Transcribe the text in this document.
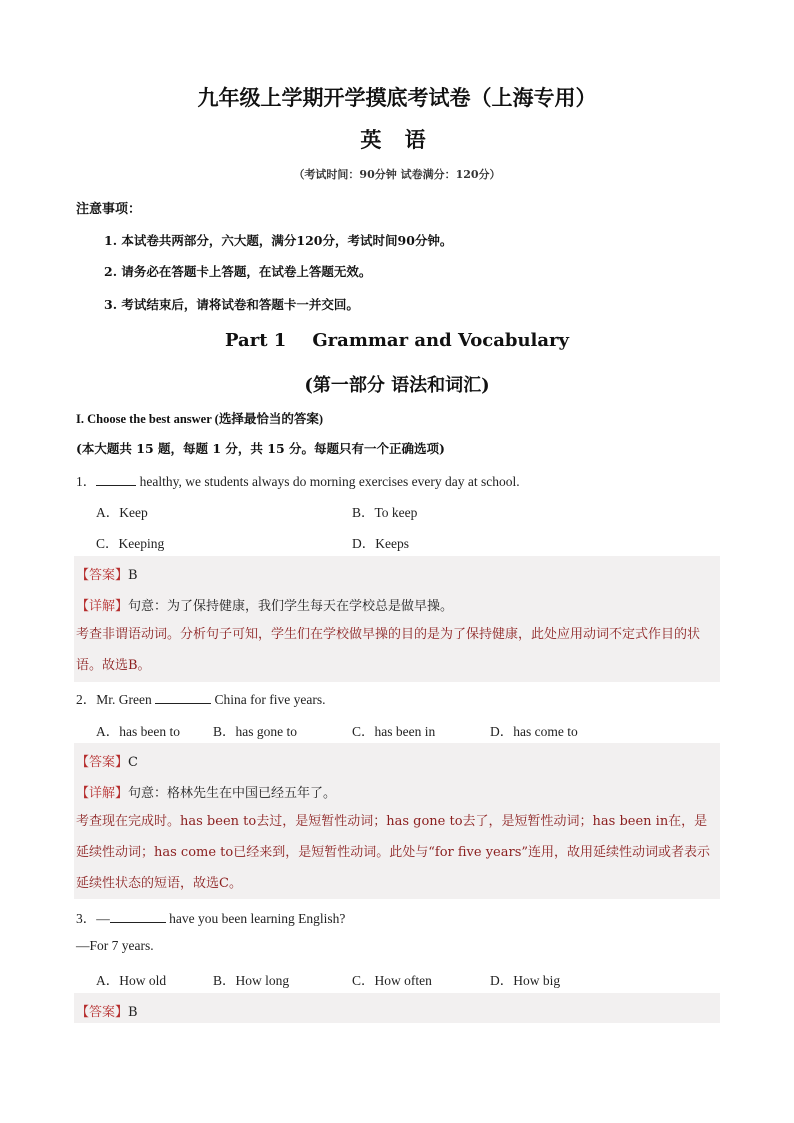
九年级上学期开学摸底考试卷（上海专用）
英 语
（考试时间：90分钟 试卷满分：120分）
注意事项：
1. 本试卷共两部分，六大题，满分120分，考试时间90分钟。
2. 请务必在答题卡上答题，在试卷上答题无效。
3. 考试结束后，请将试卷和答题卡一并交回。
Part 1 Grammar and Vocabulary
(第一部分 语法和词汇)
I. Choose the best answer (选择最恰当的答案)
(本大题共 15 题，每题 1 分，共 15 分。每题只有一个正确选项)
1．	healthy, we students always do morning exercises every day at school.
A．Keep	B．To keep
C．Keeping	D．Keeps
【答案】B
【详解】句意：为了保持健康，我们学生每天在学校总是做早操。
考查非谓语动词。分析句子可知，学生们在学校做早操的目的是为了保持健康，此处应用动词不定式作目的状语。故选B。
2．Mr. Green	China for five years.
A．has been to B．has gone to	C．has been in	D．has come to
【答案】C
【详解】句意：格林先生在中国已经五年了。
考查现在完成时。has been to去过，是短暂性动词；has gone to去了，是短暂性动词；has been in在，是延续性动词；has come to已经来到，是短暂性动词。此处与“for five years”连用，故用延续性动词或者表示延续性状态的短语，故选C。
3．—	have you been learning English?
—For 7 years.
A．How old	B．How long	C．How often	D．How big
【答案】B
